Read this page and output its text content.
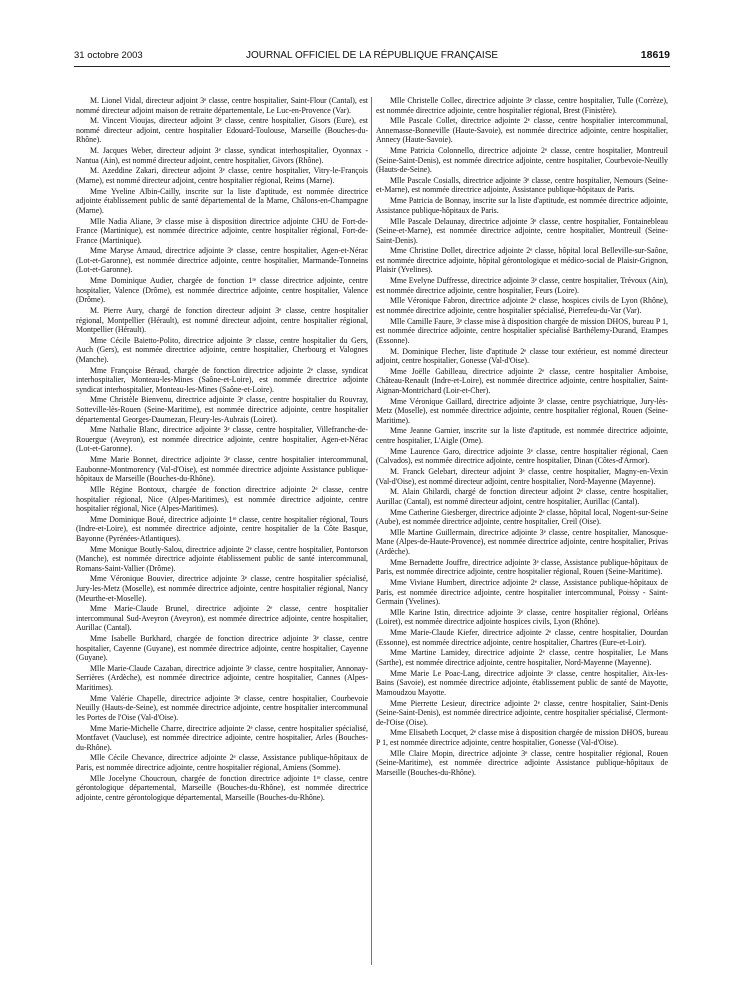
31 octobre 2003	JOURNAL OFFICIEL DE LA RÉPUBLIQUE FRANÇAISE	18619

M. Lionel Vidal, directeur adjoint 3ᵉ classe, centre hospitalier, Saint-Flour (Cantal), est nommé directeur adjoint maison de retraite départementale, Le Luc-en-Provence (Var).

M. Vincent Vioujas, directeur adjoint 3ᵉ classe, centre hospitalier, Gisors (Eure), est nommé directeur adjoint, centre hospitalier Edouard-Toulouse, Marseille (Bouches-du-Rhône).

M. Jacques Weber, directeur adjoint 3ᵉ classe, syndicat interhospitalier, Oyonnax - Nantua (Ain), est nommé directeur adjoint, centre hospitalier, Givors (Rhône).

M. Azeddine Zakari, directeur adjoint 3ᵉ classe, centre hospitalier, Vitry-le-François (Marne), est nommé directeur adjoint, centre hospitalier régional, Reims (Marne).

Mme Yveline Albin-Cailly, inscrite sur la liste d'aptitude, est nommée directrice adjointe établissement public de santé départemental de la Marne, Châlons-en-Champagne (Marne).

Mlle Nadia Aliane, 3ᵉ classe mise à disposition directrice adjointe CHU de Fort-de-France (Martinique), est nommée directrice adjointe, centre hospitalier régional, Fort-de-France (Martinique).

Mme Maryse Arnaud, directrice adjointe 3ᵉ classe, centre hospitalier, Agen-et-Nérac (Lot-et-Garonne), est nommée directrice adjointe, centre hospitalier, Marmande-Tonneins (Lot-et-Garonne).

Mme Dominique Audier, chargée de fonction 1ʳᵉ classe directrice adjointe, centre hospitalier, Valence (Drôme), est nommée directrice adjointe, centre hospitalier, Valence (Drôme).

M. Pierre Aury, chargé de fonction directeur adjoint 3ᵉ classe, centre hospitalier régional, Montpellier (Hérault), est nommé directeur adjoint, centre hospitalier régional, Montpellier (Hérault).

Mme Cécile Baietto-Polito, directrice adjointe 3ᵉ classe, centre hospitalier du Gers, Auch (Gers), est nommée directrice adjointe, centre hospitalier, Cherbourg et Valognes (Manche).

Mme Françoise Béraud, chargée de fonction directrice adjointe 2ᵉ classe, syndicat interhospitalier, Monteau-les-Mines (Saône-et-Loire), est nommée directrice adjointe syndicat interhospitalier, Monteau-les-Mines (Saône-et-Loire).

Mme Christèle Bienvenu, directrice adjointe 3ᵉ classe, centre hospitalier du Rouvray, Sotteville-lès-Rouen (Seine-Maritime), est nommée directrice adjointe, centre hospitalier départemental Georges-Daumezan, Fleury-les-Aubrais (Loiret).

Mme Nathalie Blanc, directrice adjointe 3ᵉ classe, centre hospitalier, Villefranche-de-Rouergue (Aveyron), est nommée directrice adjointe, centre hospitalier, Agen-et-Nérac (Lot-et-Garonne).

Mme Marie Bonnet, directrice adjointe 3ᵉ classe, centre hospitalier intercommunal, Eaubonne-Montmorency (Val-d'Oise), est nommée directrice adjointe Assistance publique-hôpitaux de Marseille (Bouches-du-Rhône).

Mlle Régine Bontoux, chargée de fonction directrice adjointe 2ᵉ classe, centre hospitalier régional, Nice (Alpes-Maritimes), est nommée directrice adjointe, centre hospitalier régional, Nice (Alpes-Maritimes).

Mme Dominique Boué, directrice adjointe 1ʳᵉ classe, centre hospitalier régional, Tours (Indre-et-Loire), est nommée directrice adjointe, centre hospitalier de la Côte Basque, Bayonne (Pyrénées-Atlantiques).

Mme Monique Boutly-Salou, directrice adjointe 2ᵉ classe, centre hospitalier, Pontorson (Manche), est nommée directrice adjointe établissement public de santé intercommunal, Romans-Saint-Vallier (Drôme).

Mme Véronique Bouvier, directrice adjointe 3ᵉ classe, centre hospitalier spécialisé, Jury-les-Metz (Moselle), est nommée directrice adjointe, centre hospitalier régional, Nancy (Meurthe-et-Moselle).

Mme Marie-Claude Brunel, directrice adjointe 2ᵉ classe, centre hospitalier intercommunal Sud-Aveyron (Aveyron), est nommée directrice adjointe, centre hospitalier, Aurillac (Cantal).

Mme Isabelle Burkhard, chargée de fonction directrice adjointe 3ᵉ classe, centre hospitalier, Cayenne (Guyane), est nommée directrice adjointe, centre hospitalier, Cayenne (Guyane).

Mlle Marie-Claude Cazaban, directrice adjointe 3ᵉ classe, centre hospitalier, Annonay-Serrières (Ardèche), est nommée directrice adjointe, centre hospitalier, Cannes (Alpes-Maritimes).

Mme Valérie Chapelle, directrice adjointe 3ᵉ classe, centre hospitalier, Courbevoie Neuilly (Hauts-de-Seine), est nommée directrice adjointe, centre hospitalier intercommunal les Portes de l'Oise (Val-d'Oise).

Mme Marie-Michelle Charre, directrice adjointe 2ᵉ classe, centre hospitalier spécialisé, Montfavet (Vaucluse), est nommée directrice adjointe, centre hospitalier, Arles (Bouches-du-Rhône).

Mlle Cécile Chevance, directrice adjointe 2ᵉ classe, Assistance publique-hôpitaux de Paris, est nommée directrice adjointe, centre hospitalier régional, Amiens (Somme).

Mlle Jocelyne Choucroun, chargée de fonction directrice adjointe 1ʳᵉ classe, centre gérontologique départemental, Marseille (Bouches-du-Rhône), est nommée directrice adjointe, centre gérontologique départemental, Marseille (Bouches-du-Rhône).

Mlle Christelle Collec, directrice adjointe 3ᵉ classe, centre hospitalier, Tulle (Corrèze), est nommée directrice adjointe, centre hospitalier régional, Brest (Finistère).

Mlle Pascale Collet, directrice adjointe 2ᵉ classe, centre hospitalier intercommunal, Annemasse-Bonneville (Haute-Savoie), est nommée directrice adjointe, centre hospitalier, Annecy (Haute-Savoie).

Mme Patricia Colonnello, directrice adjointe 2ᵉ classe, centre hospitalier, Montreuil (Seine-Saint-Denis), est nommée directrice adjointe, centre hospitalier, Courbevoie-Neuilly (Hauts-de-Seine).

Mlle Pascale Cosialls, directrice adjointe 3ᵉ classe, centre hospitalier, Nemours (Seine-et-Marne), est nommée directrice adjointe, Assistance publique-hôpitaux de Paris.

Mme Patricia de Bonnay, inscrite sur la liste d'aptitude, est nommée directrice adjointe, Assistance publique-hôpitaux de Paris.

Mlle Pascale Delaunay, directrice adjointe 3ᵉ classe, centre hospitalier, Fontainebleau (Seine-et-Marne), est nommée directrice adjointe, centre hospitalier, Montreuil (Seine-Saint-Denis).

Mme Christine Dollet, directrice adjointe 2ᵉ classe, hôpital local Belleville-sur-Saône, est nommée directrice adjointe, hôpital gérontologique et médico-social de Plaisir-Grignon, Plaisir (Yvelines).

Mme Evelyne Duffresse, directrice adjointe 3ᵉ classe, centre hospitalier, Trévoux (Ain), est nommée directrice adjointe, centre hospitalier, Feurs (Loire).

Mlle Véronique Fabron, directrice adjointe 2ᵉ classe, hospices civils de Lyon (Rhône), est nommée directrice adjointe, centre hospitalier spécialisé, Pierrefeu-du-Var (Var).

Mlle Camille Faure, 3ᵉ classe mise à disposition chargée de mission DHOS, bureau P 1, est nommée directrice adjointe, centre hospitalier spécialisé Barthélemy-Durand, Etampes (Essonne).

M. Dominique Flecher, liste d'aptitude 2ᵉ classe tour extérieur, est nommé directeur adjoint, centre hospitalier, Gonesse (Val-d'Oise).

Mme Joëlle Gabilleau, directrice adjointe 2ᵉ classe, centre hospitalier Amboise, Château-Renault (Indre-et-Loire), est nommée directrice adjointe, centre hospitalier, Saint-Aignan-Montrichard (Loir-et-Cher).

Mme Véronique Gaillard, directrice adjointe 3ᵉ classe, centre psychiatrique, Jury-lès-Metz (Moselle), est nommée directrice adjointe, centre hospitalier régional, Rouen (Seine-Maritime).

Mme Jeanne Garnier, inscrite sur la liste d'aptitude, est nommée directrice adjointe, centre hospitalier, L'Aigle (Orne).

Mme Laurence Garo, directrice adjointe 3ᵉ classe, centre hospitalier régional, Caen (Calvados), est nommée directrice adjointe, centre hospitalier, Dinan (Côtes-d'Armor).

M. Franck Gelebart, directeur adjoint 3ᵉ classe, centre hospitalier, Magny-en-Vexin (Val-d'Oise), est nommé directeur adjoint, centre hospitalier, Nord-Mayenne (Mayenne).

M. Alain Ghilardi, chargé de fonction directeur adjoint 2ᵉ classe, centre hospitalier, Aurillac (Cantal), est nommé directeur adjoint, centre hospitalier, Aurillac (Cantal).

Mme Catherine Giesberger, directrice adjointe 2ᵉ classe, hôpital local, Nogent-sur-Seine (Aube), est nommée directrice adjointe, centre hospitalier, Creil (Oise).

Mlle Martine Guillermain, directrice adjointe 3ᵉ classe, centre hospitalier, Manosque-Mane (Alpes-de-Haute-Provence), est nommée directrice adjointe, centre hospitalier, Privas (Ardèche).

Mme Bernadette Jouffre, directrice adjointe 3ᵉ classe, Assistance publique-hôpitaux de Paris, est nommée directrice adjointe, centre hospitalier régional, Rouen (Seine-Maritime).

Mme Viviane Humbert, directrice adjointe 2ᵉ classe, Assistance publique-hôpitaux de Paris, est nommée directrice adjointe, centre hospitalier intercommunal, Poissy - Saint-Germain (Yvelines).

Mlle Karine Istin, directrice adjointe 3ᵉ classe, centre hospitalier régional, Orléans (Loiret), est nommée directrice adjointe hospices civils, Lyon (Rhône).

Mme Marie-Claude Kiefer, directrice adjointe 2ᵉ classe, centre hospitalier, Dourdan (Essonne), est nommée directrice adjointe, centre hospitalier, Chartres (Eure-et-Loir).

Mme Martine Lamidey, directrice adjointe 2ᵉ classe, centre hospitalier, Le Mans (Sarthe), est nommée directrice adjointe, centre hospitalier, Nord-Mayenne (Mayenne).

Mme Marie Le Poac-Lang, directrice adjointe 3ᵉ classe, centre hospitalier, Aix-les-Bains (Savoie), est nommée directrice adjointe, établissement public de santé de Mayotte, Mamoudzou Mayotte.

Mme Pierrette Lesieur, directrice adjointe 2ᵉ classe, centre hospitalier, Saint-Denis (Seine-Saint-Denis), est nommée directrice adjointe, centre hospitalier spécialisé, Clermont-de-l'Oise (Oise).

Mme Elisabeth Locquet, 2ᵉ classe mise à disposition chargée de mission DHOS, bureau P 1, est nommée directrice adjointe, centre hospitalier, Gonesse (Val-d'Oise).

Mlle Claire Mopin, directrice adjointe 3ᵉ classe, centre hospitalier régional, Rouen (Seine-Maritime), est nommée directrice adjointe Assistance publique-hôpitaux de Marseille (Bouches-du-Rhône).
